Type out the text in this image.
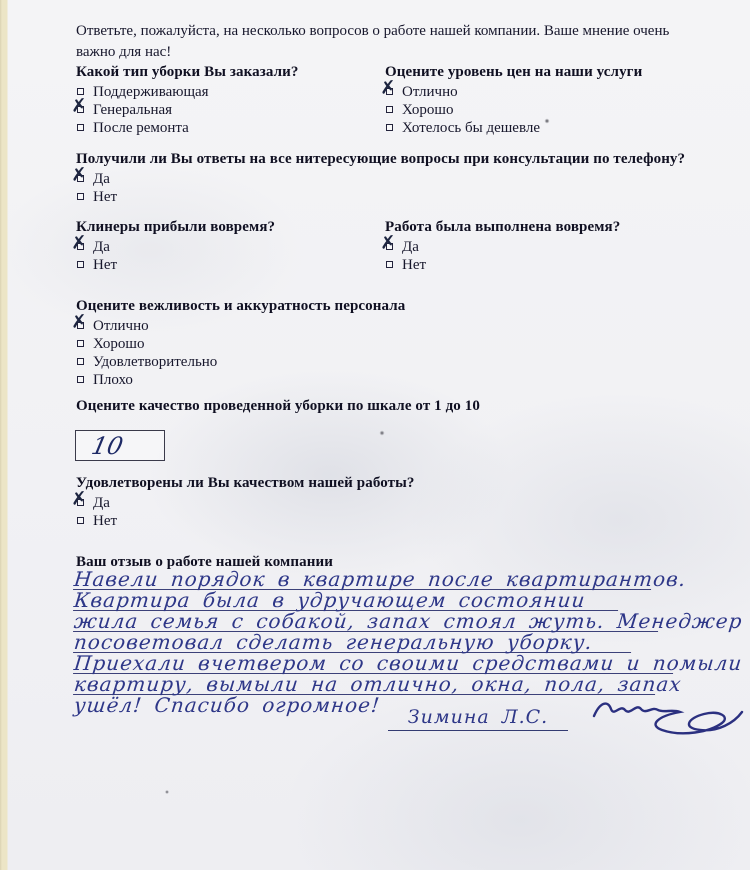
Ответьте, пожалуйста, на несколько вопросов о работе нашей компании. Ваше мнение очень важно для нас!
Какой тип уборки Вы заказали?
Поддерживающая
✗ Генеральная
После ремонта
Оцените уровень цен на наши услуги
✗ Отлично
Хорошо
Хотелось бы дешевле
Получили ли Вы ответы на все нитересующие вопросы при консультации по телефону?
✗ Да
Нет
Клинеры прибыли вовремя?
✗ Да
Нет
Работа была выполнена вовремя?
✗ Да
Нет
Оцените вежливость и аккуратность персонала
✗ Отлично
Хорошо
Удовлетворительно
Плохо
Оцените качество проведенной уборки по шкале от 1 до 10
10
Удовлетворены ли Вы качеством нашей работы?
✗ Да
Нет
Ваш отзыв о работе нашей компании
Навели порядок в квартире после квартирантов.
Квартира была в удручающем состоянии
жила семья с собакой, запах стоял жуть. Менеджер
посоветовал сделать генеральную уборку.
Приехали вчетвером со своими средствами и помыли
квартиру, вымыли на отлично, окна, пола, запах
ушёл! Спасибо огромное!	Зимина Л.С.
